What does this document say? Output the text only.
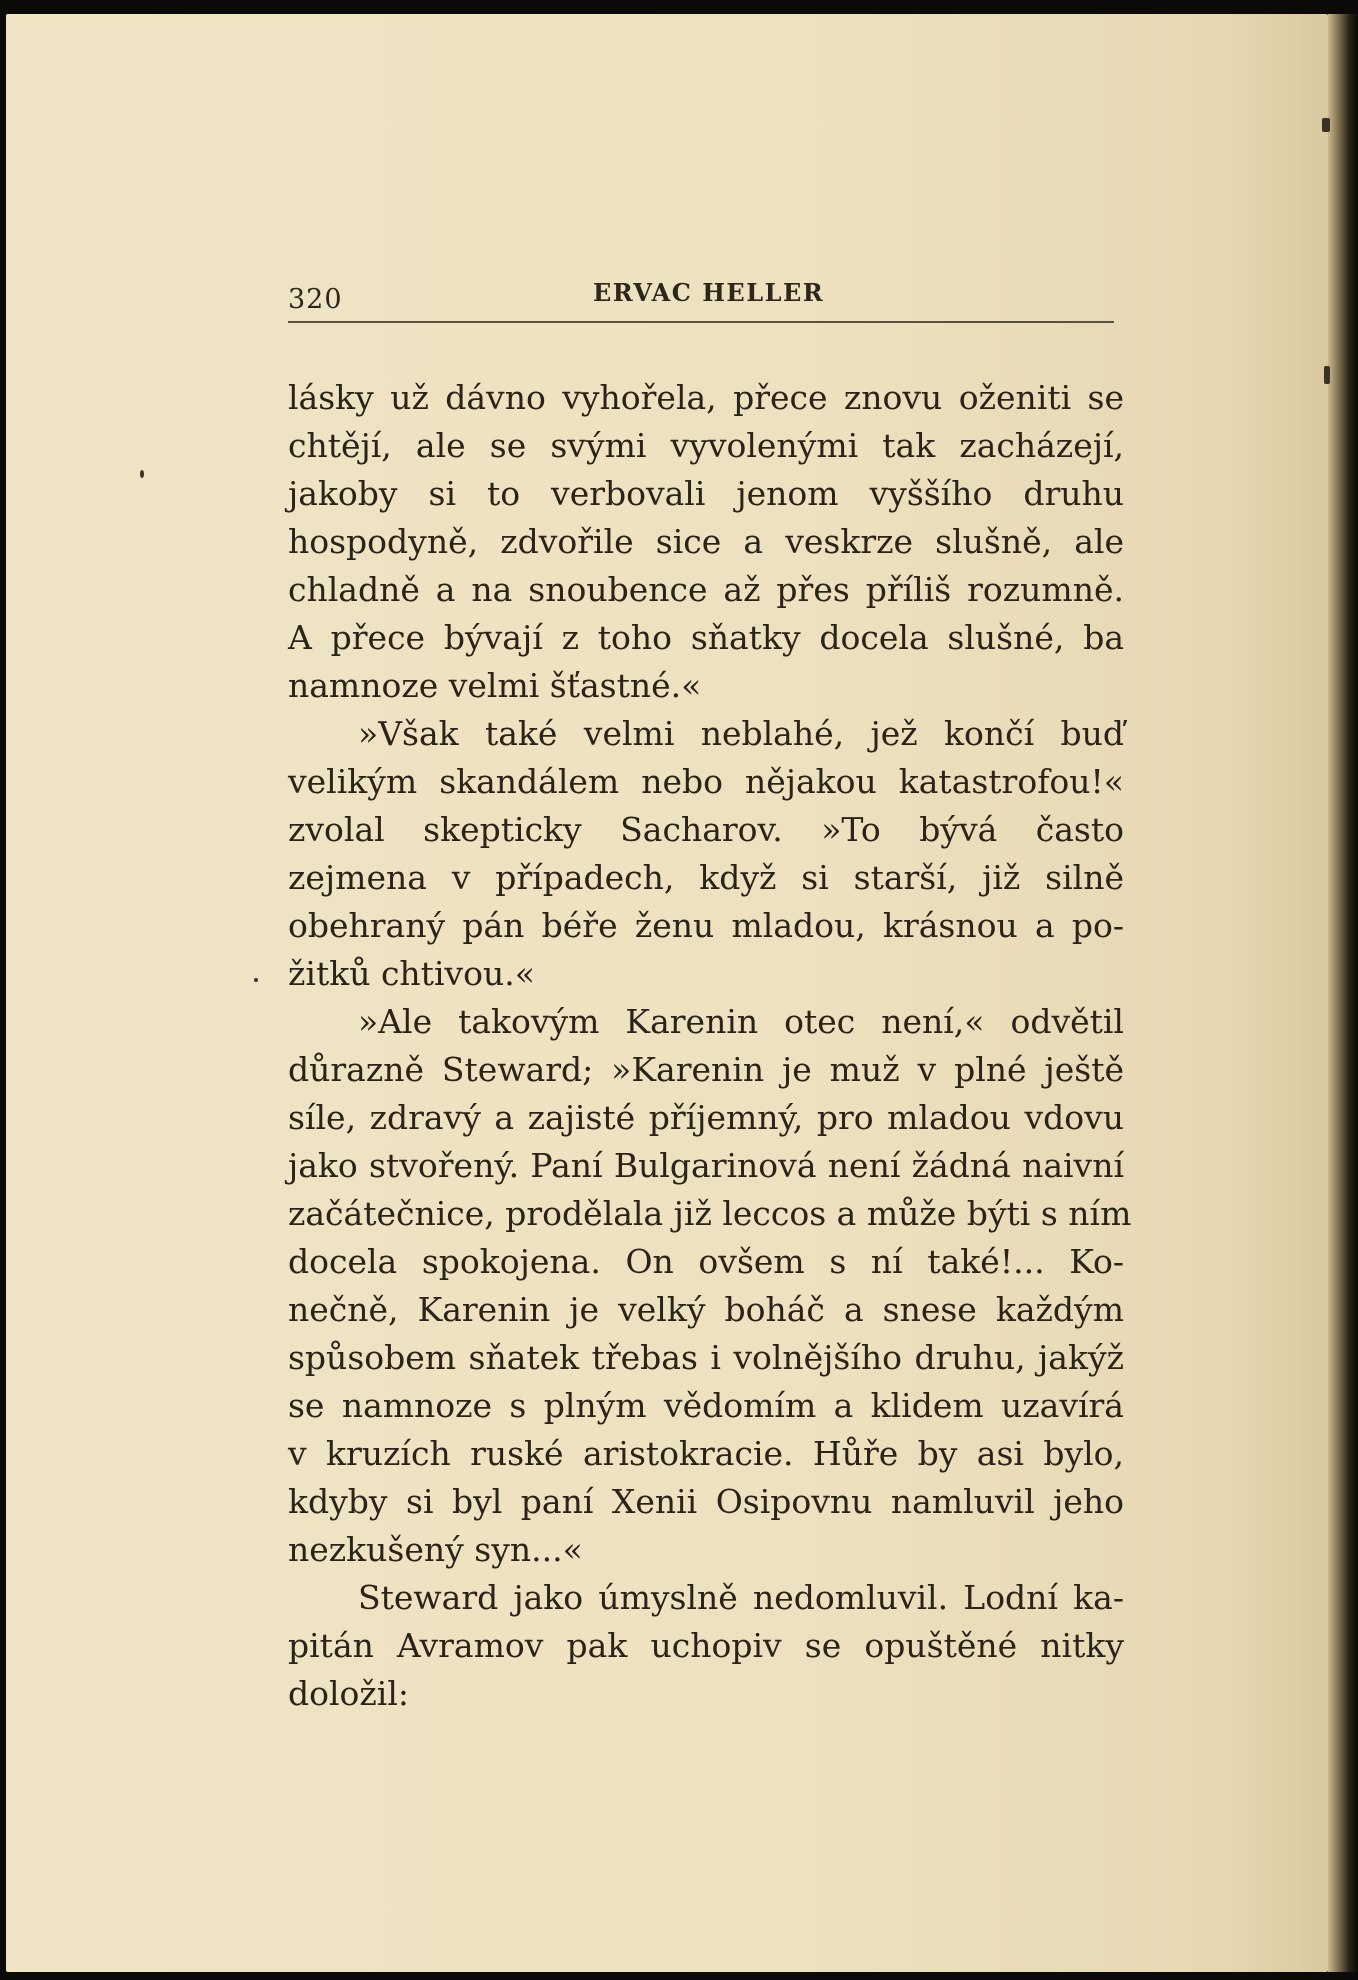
320	ERVAC HELLER
lásky už dávno vyhořela, přece znovu oženiti se
chtějí, ale se svými vyvolenými tak zacházejí,
jakoby si to verbovali jenom vyššího druhu
hospodyně, zdvořile sice a veskrze slušně, ale
chladně a na snoubence až přes příliš rozumně.
A přece bývají z toho sňatky docela slušné, ba
namnoze velmi šťastné.«
»Však také velmi neblahé, jež končí buď
velikým skandálem nebo nějakou katastrofou!«
zvolal skepticky Sacharov. »To bývá často
zejmena v případech, když si starší, již silně
obehraný pán béře ženu mladou, krásnou a po-
žitků chtivou.«
»Ale takovým Karenin otec není,« odvětil
důrazně Steward; »Karenin je muž v plné ještě
síle, zdravý a zajisté příjemný, pro mladou vdovu
jako stvořený. Paní Bulgarinová není žádná naivní
začátečnice, prodělala již leccos a může býti s ním
docela spokojena. On ovšem s ní také!... Ko-
nečně, Karenin je velký boháč a snese každým
spůsobem sňatek třebas i volnějšího druhu, jakýž
se namnoze s plným vědomím a klidem uzavírá
v kruzích ruské aristokracie. Hůře by asi bylo,
kdyby si byl paní Xenii Osipovnu namluvil jeho
nezkušený syn...«
Steward jako úmyslně nedomluvil. Lodní ka-
pitán Avramov pak uchopiv se opuštěné nitky
doložil:
